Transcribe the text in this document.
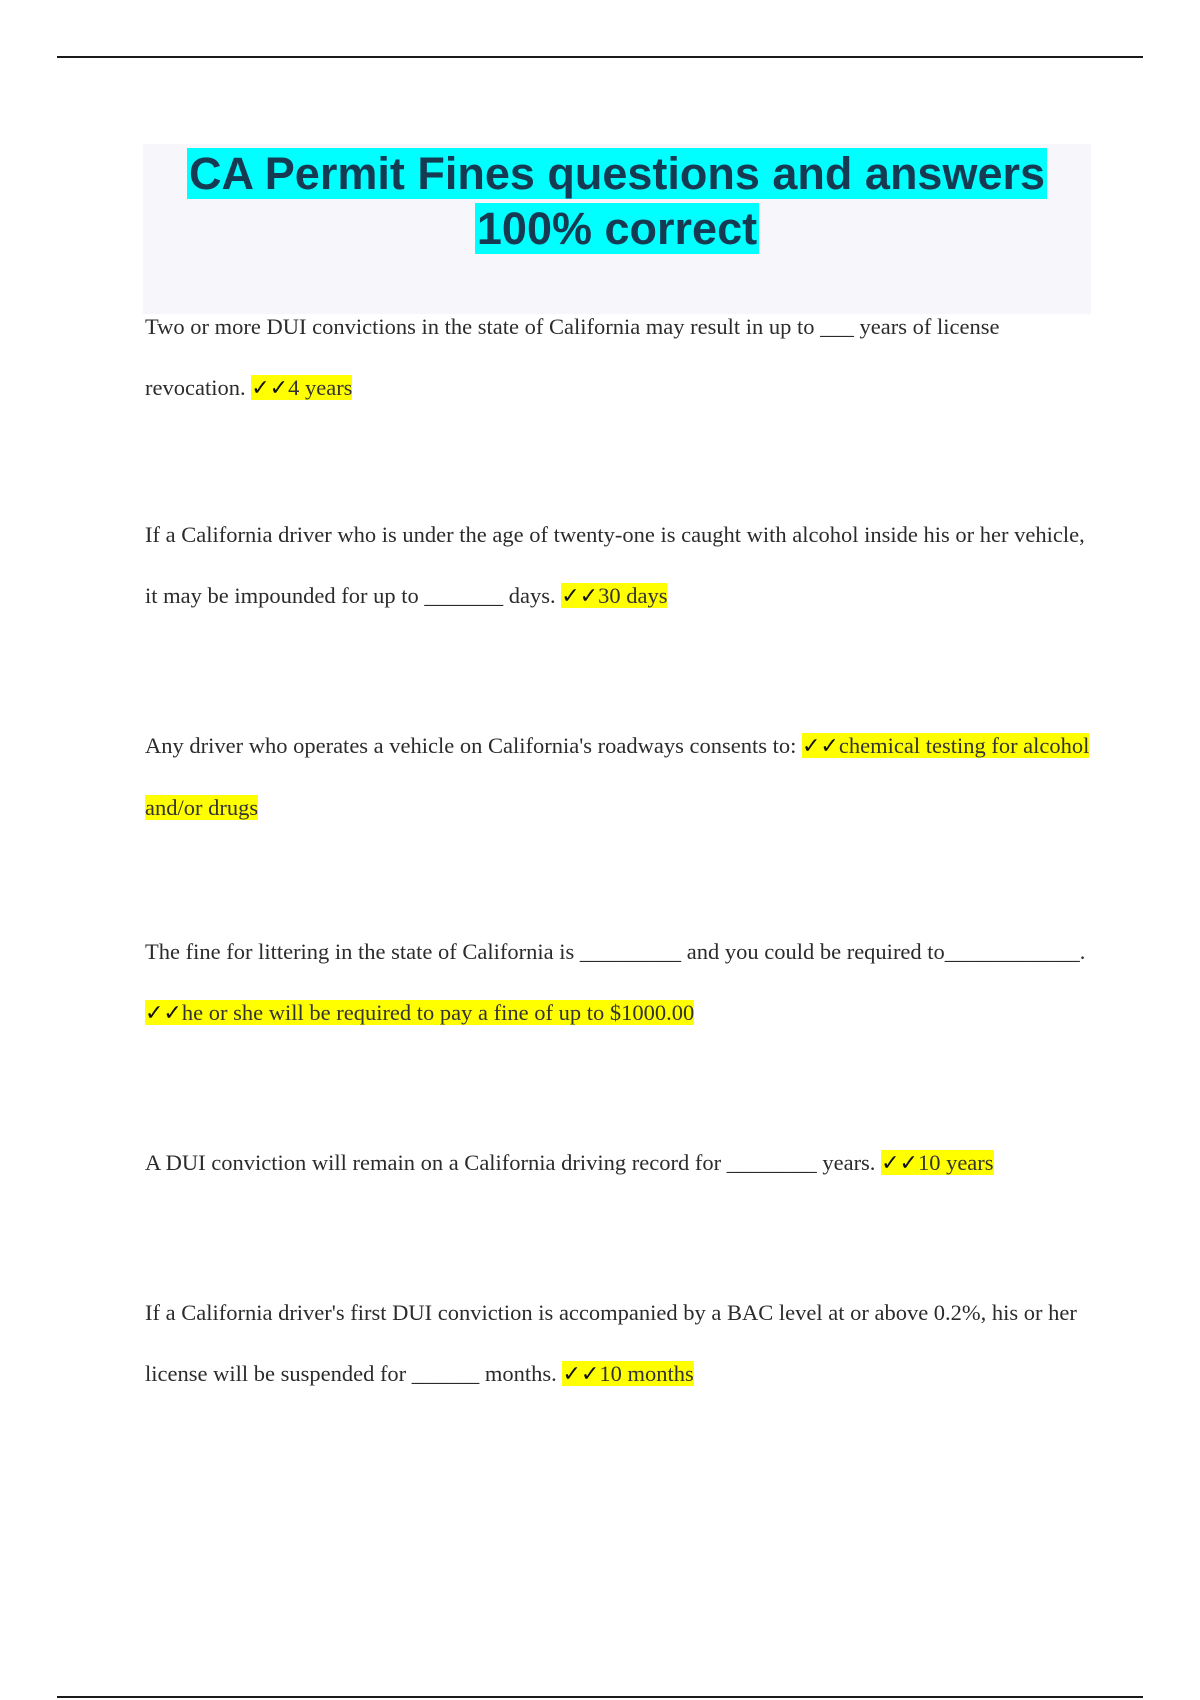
CA Permit Fines questions and answers
100% correct
Two or more DUI convictions in the state of California may result in up to ___ years of license revocation. ✓✓4 years
If a California driver who is under the age of twenty-one is caught with alcohol inside his or her vehicle, it may be impounded for up to _______ days. ✓✓30 days
Any driver who operates a vehicle on California's roadways consents to: ✓✓chemical testing for alcohol and/or drugs
The fine for littering in the state of California is _________ and you could be required to____________. ✓✓he or she will be required to pay a fine of up to $1000.00
A DUI conviction will remain on a California driving record for ________ years. ✓✓10 years
If a California driver's first DUI conviction is accompanied by a BAC level at or above 0.2%, his or her license will be suspended for ______ months. ✓✓10 months
